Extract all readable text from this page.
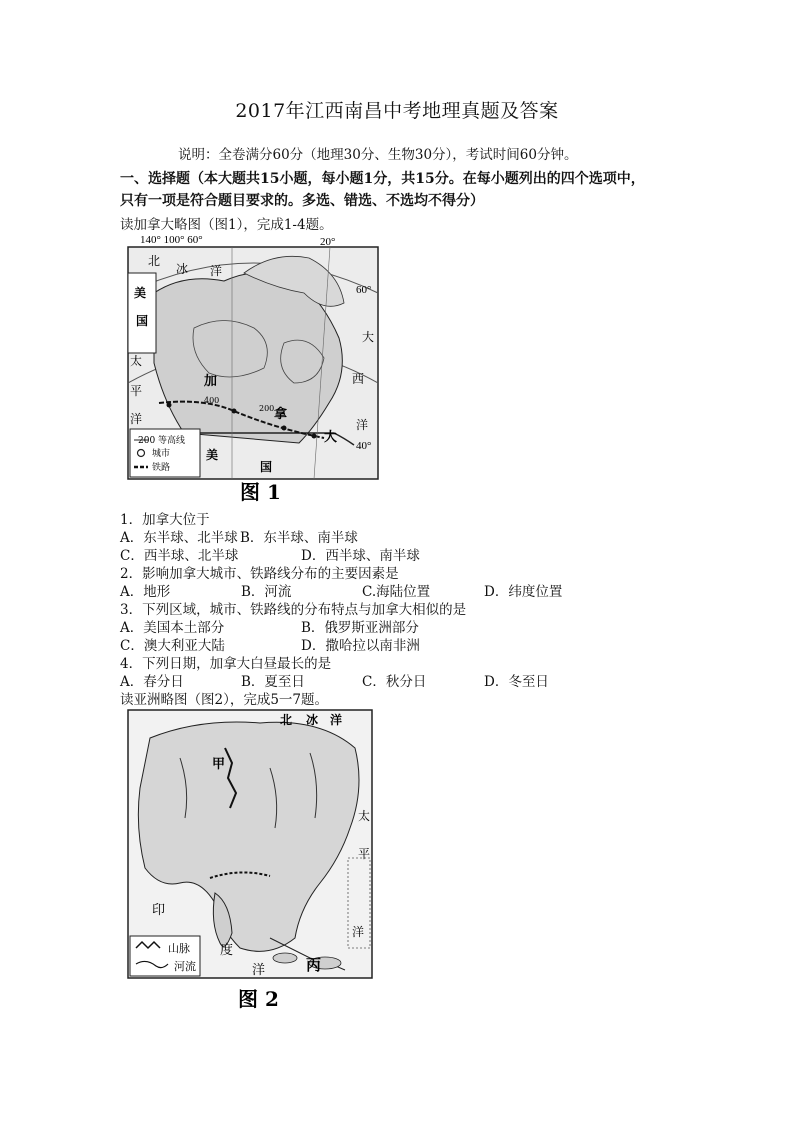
2017年江西南昌中考地理真题及答案
说明：全卷满分60分（地理30分、生物30分），考试时间60分钟。
一、选择题（本大题共15小题，每小题1分，共15分。在每小题列出的四个选项中，
只有一项是符合题目要求的。多选、错选、不选均不得分）
读加拿大略图（图1），完成1-4题。
140° 100° 60°	20°
60°
40°
北
冰 洋
美
国
大
西
洋
太
平
洋
加
拿
大
美
国
200
400
200 等高线
城市
铁路
图 1
1．加拿大位于
A．东半球、北半球 B．东半球、南半球
C．西半球、北半球	D．西半球、南半球
2．影响加拿大城市、铁路线分布的主要因素是
A．地形	B．河流	C.海陆位置	D．纬度位置
3．下列区域，城市、铁路线的分布特点与加拿大相似的是
A．美国本土部分	B．俄罗斯亚洲部分
C．澳大利亚大陆	D．撒哈拉以南非洲
4．下列日期，加拿大白昼最长的是
A．春分日	B．夏至日	C．秋分日	D．冬至日
读亚洲略图（图2），完成5一7题。
北 冰 洋
甲
太
平
洋
印
度
洋	丙
山脉
河流
图 2
